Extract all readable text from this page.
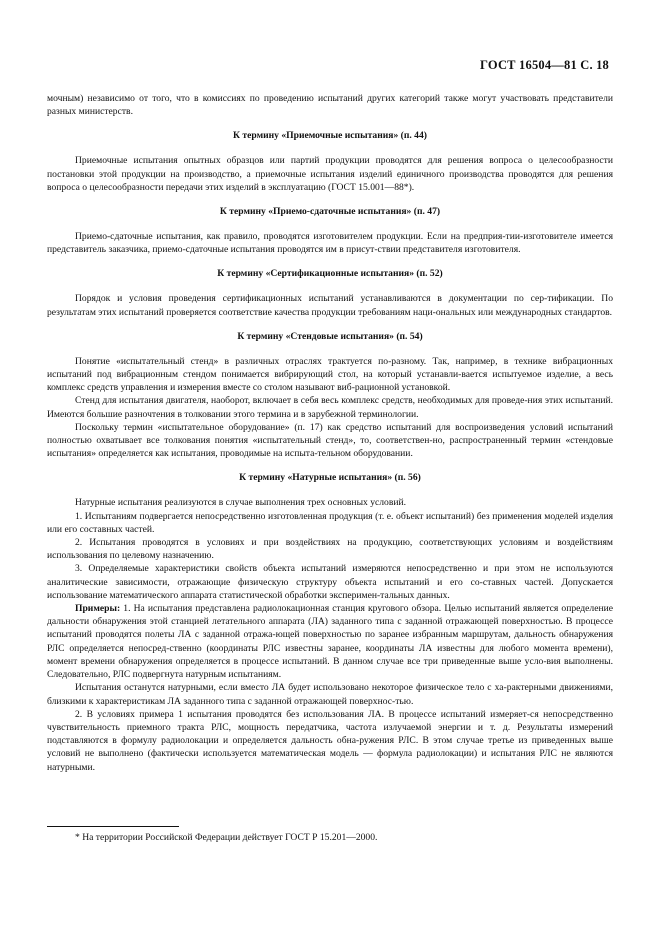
ГОСТ 16504—81 С. 18

мочным) независимо от того, что в комиссиях по проведению испытаний других категорий также могут участвовать представители разных министерств.

К термину «Приемочные испытания» (п. 44)

Приемочные испытания опытных образцов или партий продукции проводятся для решения вопроса о целесообразности постановки этой продукции на производство, а приемочные испытания изделий единичного производства проводятся для решения вопроса о целесообразности передачи этих изделий в эксплуатацию (ГОСТ 15.001—88*).

К термину «Приемо-сдаточные испытания» (п. 47)

Приемо-сдаточные испытания, как правило, проводятся изготовителем продукции. Если на предприя-тии-изготовителе имеется представитель заказчика, приемо-сдаточные испытания проводятся им в присут-ствии представителя изготовителя.

К термину «Сертификационные испытания» (п. 52)

Порядок и условия проведения сертификационных испытаний устанавливаются в документации по сер-тификации. По результатам этих испытаний проверяется соответствие качества продукции требованиям наци-ональных или международных стандартов.

К термину «Стендовые испытания» (п. 54)

Понятие «испытательный стенд» в различных отраслях трактуется по-разному. Так, например, в технике вибрационных испытаний под вибрационным стендом понимается вибрирующий стол, на который устанавли-вается испытуемое изделие, а весь комплекс средств управления и измерения вместе со столом называют виб-рационной установкой.

Стенд для испытания двигателя, наоборот, включает в себя весь комплекс средств, необходимых для проведе-ния этих испытаний. Имеются большие разночтения в толковании этого термина и в зарубежной терминологии.

Поскольку термин «испытательное оборудование» (п. 17) как средство испытаний для воспроизведения условий испытаний полностью охватывает все толкования понятия «испытательный стенд», то, соответствен-но, распространенный термин «стендовые испытания» определяется как испытания, проводимые на испыта-тельном оборудовании.

К термину «Натурные испытания» (п. 56)

Натурные испытания реализуются в случае выполнения трех основных условий.

1. Испытаниям подвергается непосредственно изготовленная продукция (т. е. объект испытаний) без применения моделей изделия или его составных частей.

2. Испытания проводятся в условиях и при воздействиях на продукцию, соответствующих условиям и воздействиям использования по целевому назначению.

3. Определяемые характеристики свойств объекта испытаний измеряются непосредственно и при этом не используются аналитические зависимости, отражающие физическую структуру объекта испытаний и его со-ставных частей. Допускается использование математического аппарата статистической обработки эксперимен-тальных данных.

Примеры: 1. На испытания представлена радиолокационная станция кругового обзора. Целью испытаний является определение дальности обнаружения этой станцией летательного аппарата (ЛА) заданного типа с заданной отражающей поверхностью. В процессе испытаний проводятся полеты ЛА с заданной отража-ющей поверхностью по заранее избранным маршрутам, дальность обнаружения РЛС определяется непосред-ственно (координаты РЛС известны заранее, координаты ЛА известны для любого момента времени), момент времени обнаружения определяется в процессе испытаний. В данном случае все три приведенные выше усло-вия выполнены. Следовательно, РЛС подвергнута натурным испытаниям.

Испытания останутся натурными, если вместо ЛА будет использовано некоторое физическое тело с ха-рактерными движениями, близкими к характеристикам ЛА заданного типа с заданной отражающей поверхнос-тью.

2. В условиях примера 1 испытания проводятся без использования ЛА. В процессе испытаний измеряет-ся непосредственно чувствительность приемного тракта РЛС, мощность передатчика, частота излучаемой энергии и т. д. Результаты измерений подставляются в формулу радиолокации и определяется дальность обна-ружения РЛС. В этом случае третье из приведенных выше условий не выполнено (фактически используется математическая модель — формула радиолокации) и испытания РЛС не являются натурными.

* На территории Российской Федерации действует ГОСТ Р 15.201—2000.
